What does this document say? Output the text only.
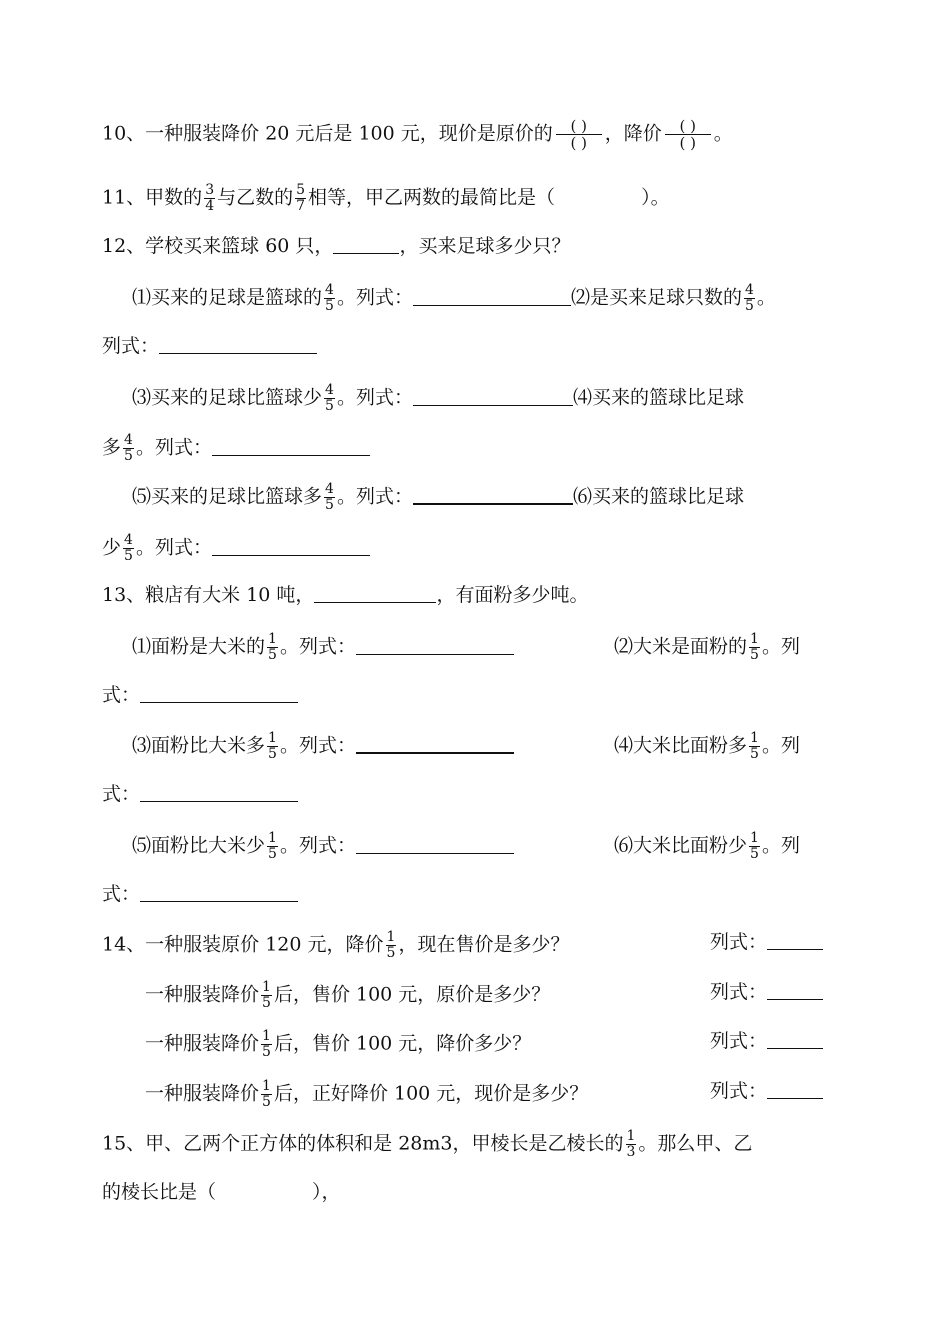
10、一种服装降价 20 元后是 100 元，现价是原价的	( )
( ) ，降价	( )
( ) 。
11、甲数的 $\frac{3}{4}$ 与乙数的 $\frac{5}{7}$ 相等，甲乙两数的最简比是（	）。
12、学校买来篮球 60 只，	，买来足球多少只？
⑴买来的足球是篮球的 $\frac{4}{5}$ 。列式：	⑵是买来足球只数的 $\frac{4}{5}$ 。
列式：
⑶买来的足球比篮球少 $\frac{4}{5}$ 。列式：	⑷买来的篮球比足球
多 $\frac{4}{5}$ 。列式：
⑸买来的足球比篮球多 $\frac{4}{5}$ 。列式：	⑹买来的篮球比足球
少 $\frac{4}{5}$ 。列式：
13、粮店有大米 10 吨，	，有面粉多少吨。
⑴面粉是大米的 $\frac{1}{5}$ 。列式：	⑵大米是面粉的 $\frac{1}{5}$ 。列
式：
⑶面粉比大米多 $\frac{1}{5}$ 。列式：	⑷大米比面粉多 $\frac{1}{5}$ 。列
式：
⑸面粉比大米少 $\frac{1}{5}$ 。列式：	⑹大米比面粉少 $\frac{1}{5}$ 。列
式：
14、一种服装原价 120 元，降价 $\frac{1}{5}$ ，现在售价是多少？	列式：
一种服装降价 $\frac{1}{5}$ 后，售价 100 元，原价是多少？	列式：
一种服装降价 $\frac{1}{5}$ 后，售价 100 元，降价多少？	列式：
一种服装降价 $\frac{1}{5}$ 后，正好降价 100 元，现价是多少？	列式：
15、甲、乙两个正方体的体积和是 28m3，甲棱长是乙棱长的 $\frac{1}{3}$ 。那么甲、乙
的棱长比是（	），
